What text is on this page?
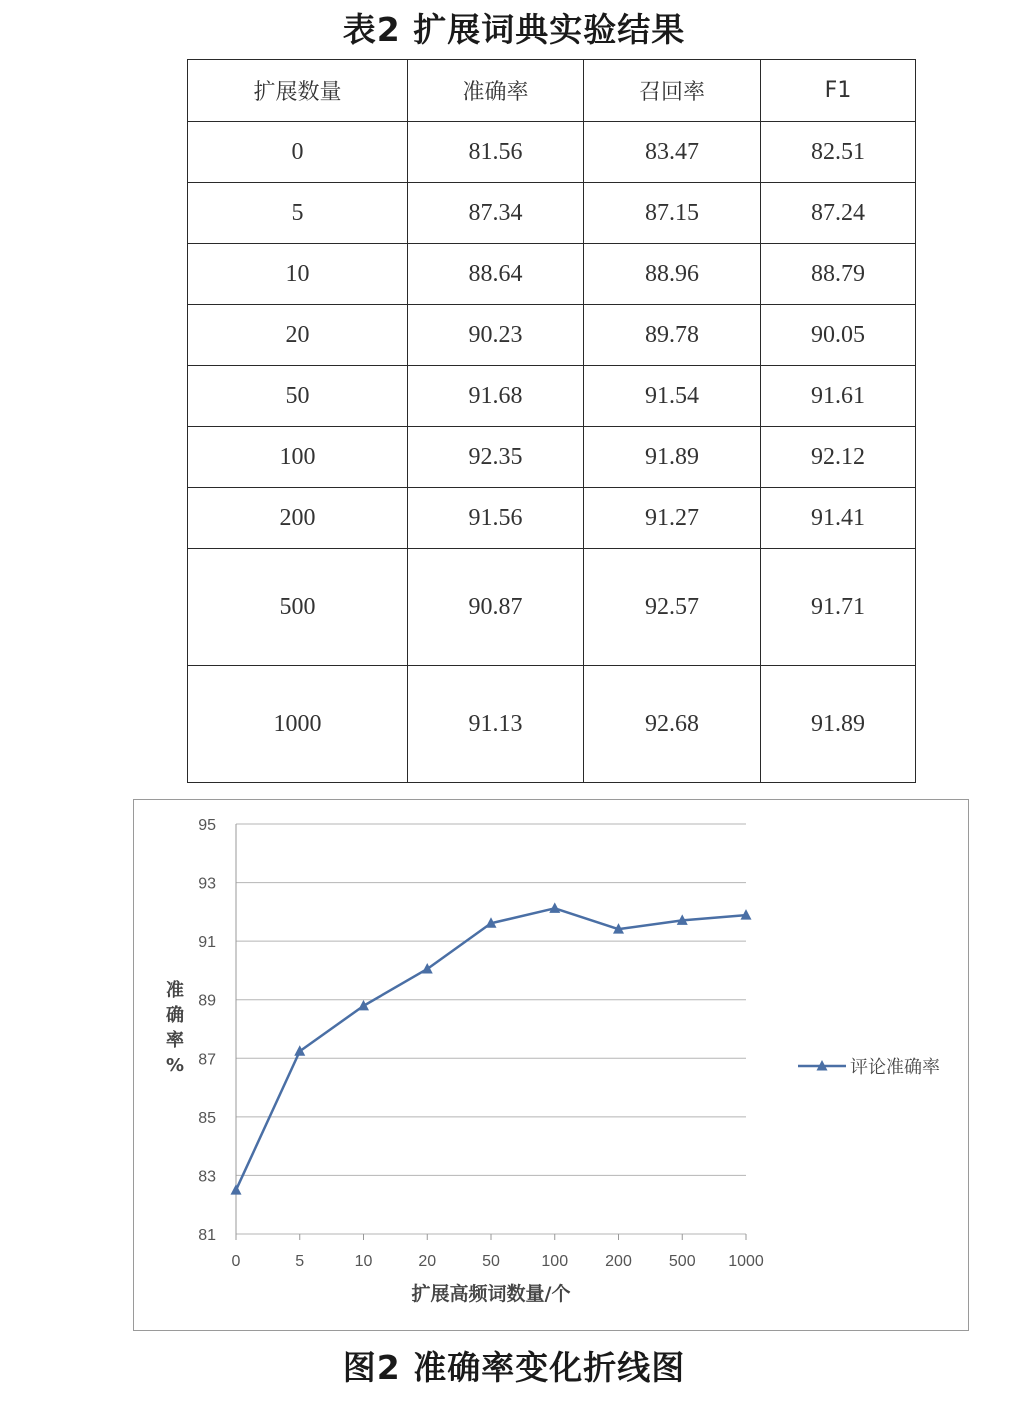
表2 扩展词典实验结果
扩展数量	准确率	召回率	F1
0	81.56	83.47	82.51
5	87.34	87.15	87.24
10	88.64	88.96	88.79
20	90.23	89.78	90.05
50	91.68	91.54	91.61
100	92.35	91.89	92.12
200	91.56	91.27	91.41
500	90.87	92.57	91.71
1000	91.13	92.68	91.89
81
83
85
87
89
91
93
95
0	5	10	20	50	100 200 500 1000
准
确
率
%
扩展高频词数量/个
评论准确率
图2 准确率变化折线图
